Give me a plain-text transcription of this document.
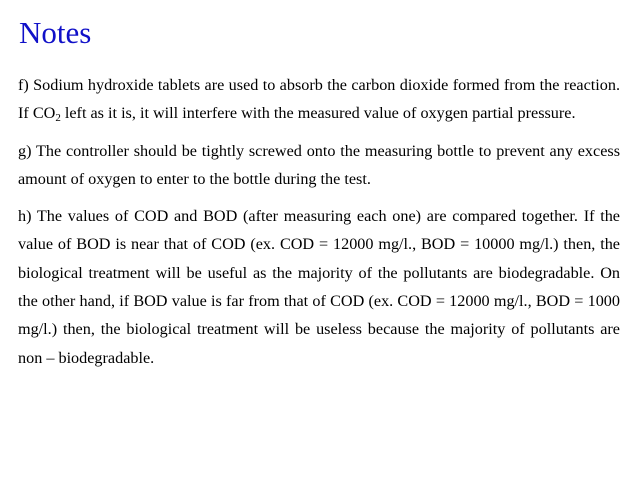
Notes

f) Sodium hydroxide tablets are used to absorb the carbon dioxide formed from the reaction. If $CO_2$ left as it is, it will interfere with the measured value of oxygen partial pressure.

g) The controller should be tightly screwed onto the measuring bottle to prevent any excess amount of oxygen to enter to the bottle during the test.

h) The values of COD and BOD (after measuring each one) are compared together. If the value of BOD is near that of COD (ex. COD = 12000 mg/l., BOD = 10000 mg/l.) then, the biological treatment will be useful as the majority of the pollutants are biodegradable. On the other hand, if BOD value is far from that of COD (ex. COD = 12000 mg/l., BOD = 1000 mg/l.) then, the biological treatment will be useless because the majority of pollutants are non – biodegradable.
